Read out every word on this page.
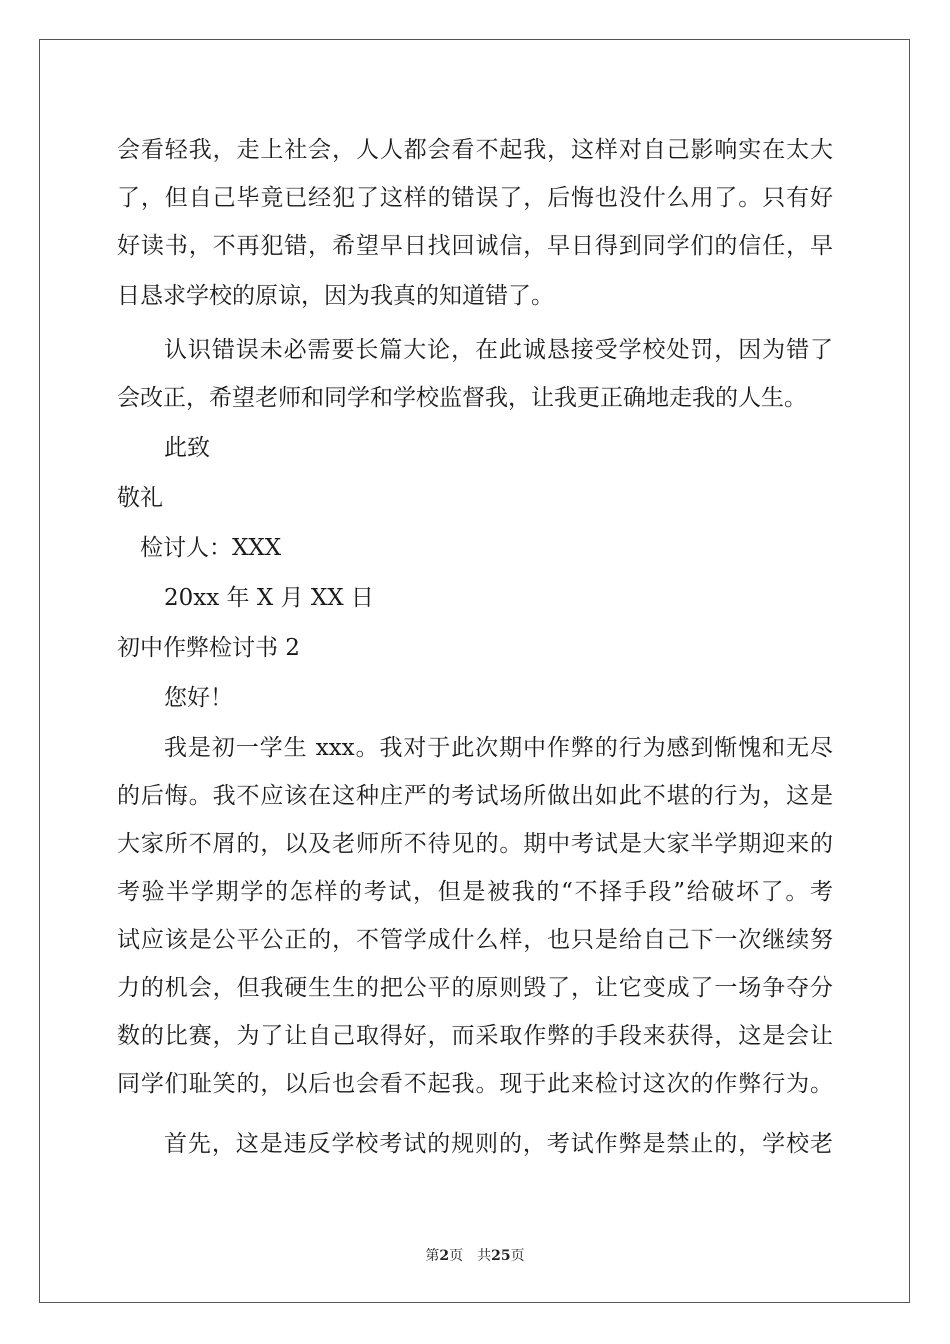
会看轻我，走上社会，人人都会看不起我，这样对自己影响实在太大
了，但自己毕竟已经犯了这样的错误了，后悔也没什么用了。只有好
好读书，不再犯错，希望早日找回诚信，早日得到同学们的信任，早
日恳求学校的原谅，因为我真的知道错了。
认识错误未必需要长篇大论，在此诚恳接受学校处罚，因为错了
会改正，希望老师和同学和学校监督我，让我更正确地走我的人生。
此致
敬礼
检讨人：XXX
20xx 年 X 月 XX 日
初中作弊检讨书 2
您好！
我是初一学生 xxx。我对于此次期中作弊的行为感到惭愧和无尽
的后悔。我不应该在这种庄严的考试场所做出如此不堪的行为，这是
大家所不屑的，以及老师所不待见的。期中考试是大家半学期迎来的
考验半学期学的怎样的考试，但是被我的“不择手段”给破坏了。考
试应该是公平公正的，不管学成什么样，也只是给自己下一次继续努
力的机会，但我硬生生的把公平的原则毁了，让它变成了一场争夺分
数的比赛，为了让自己取得好，而采取作弊的手段来获得，这是会让
同学们耻笑的，以后也会看不起我。现于此来检讨这次的作弊行为。
首先，这是违反学校考试的规则的，考试作弊是禁止的，学校老
第2页　共25页
